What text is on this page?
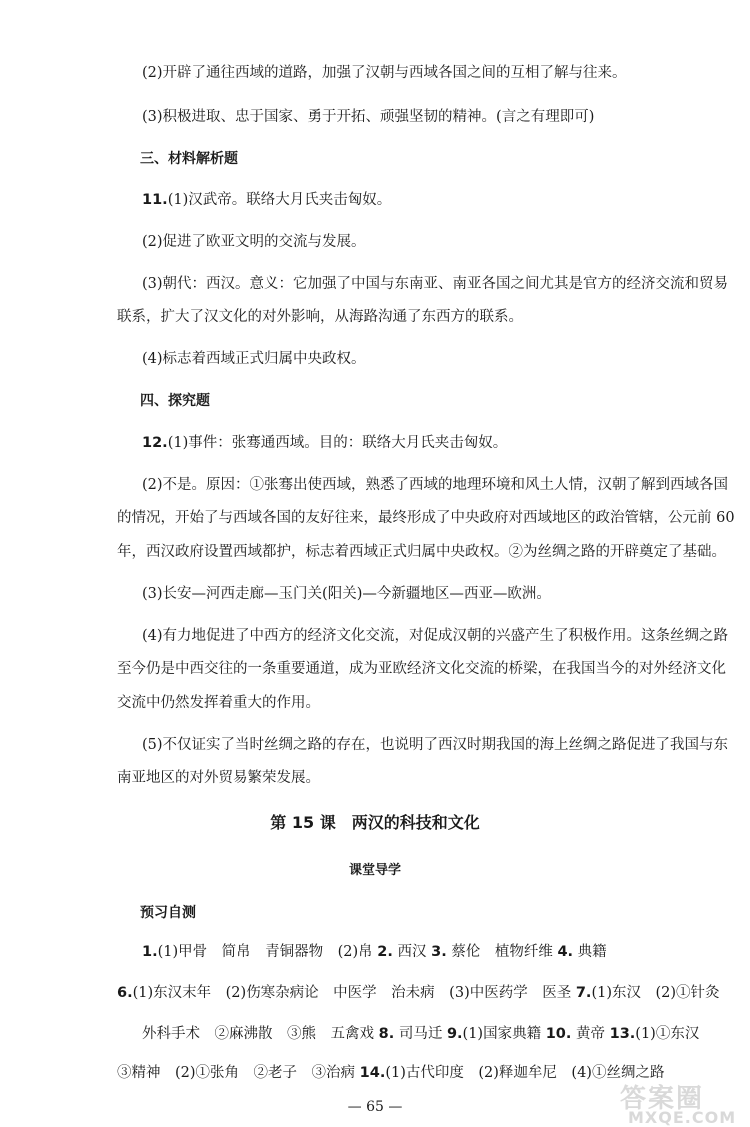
(2)开辟了通往西域的道路，加强了汉朝与西域各国之间的互相了解与往来。
(3)积极进取、忠于国家、勇于开拓、顽强坚韧的精神。(言之有理即可)
三、材料解析题
11.(1)汉武帝。联络大月氏夹击匈奴。
(2)促进了欧亚文明的交流与发展。
(3)朝代：西汉。意义：它加强了中国与东南亚、南亚各国之间尤其是官方的经济交流和贸易
联系，扩大了汉文化的对外影响，从海路沟通了东西方的联系。
(4)标志着西域正式归属中央政权。
四、探究题
12.(1)事件：张骞通西域。目的：联络大月氏夹击匈奴。
(2)不是。原因：①张骞出使西域，熟悉了西域的地理环境和风土人情，汉朝了解到西域各国
的情况，开始了与西域各国的友好往来，最终形成了中央政府对西域地区的政治管辖，公元前 60
年，西汉政府设置西域都护，标志着西域正式归属中央政权。②为丝绸之路的开辟奠定了基础。
(3)长安—河西走廊—玉门关(阳关)—今新疆地区—西亚—欧洲。
(4)有力地促进了中西方的经济文化交流，对促成汉朝的兴盛产生了积极作用。这条丝绸之路
至今仍是中西交往的一条重要通道，成为亚欧经济文化交流的桥梁，在我国当今的对外经济文化
交流中仍然发挥着重大的作用。
(5)不仅证实了当时丝绸之路的存在，也说明了西汉时期我国的海上丝绸之路促进了我国与东
南亚地区的对外贸易繁荣发展。
第 15 课　两汉的科技和文化
课堂导学
预习自测
1.(1)甲骨　简帛　青铜器物　(2)帛 2. 西汉 3. 蔡伦　植物纤维 4. 典籍
6.(1)东汉末年　(2)伤寒杂病论　中医学　治未病　(3)中医药学　医圣 7.(1)东汉　(2)①针灸
外科手术　②麻沸散　③熊　五禽戏 8. 司马迁 9.(1)国家典籍 10. 黄帝 13.(1)①东汉
③精神　(2)①张角　②老子　③治病 14.(1)古代印度　(2)释迦牟尼　(4)①丝绸之路
— 65 —	答案圈
MXQE.COM
